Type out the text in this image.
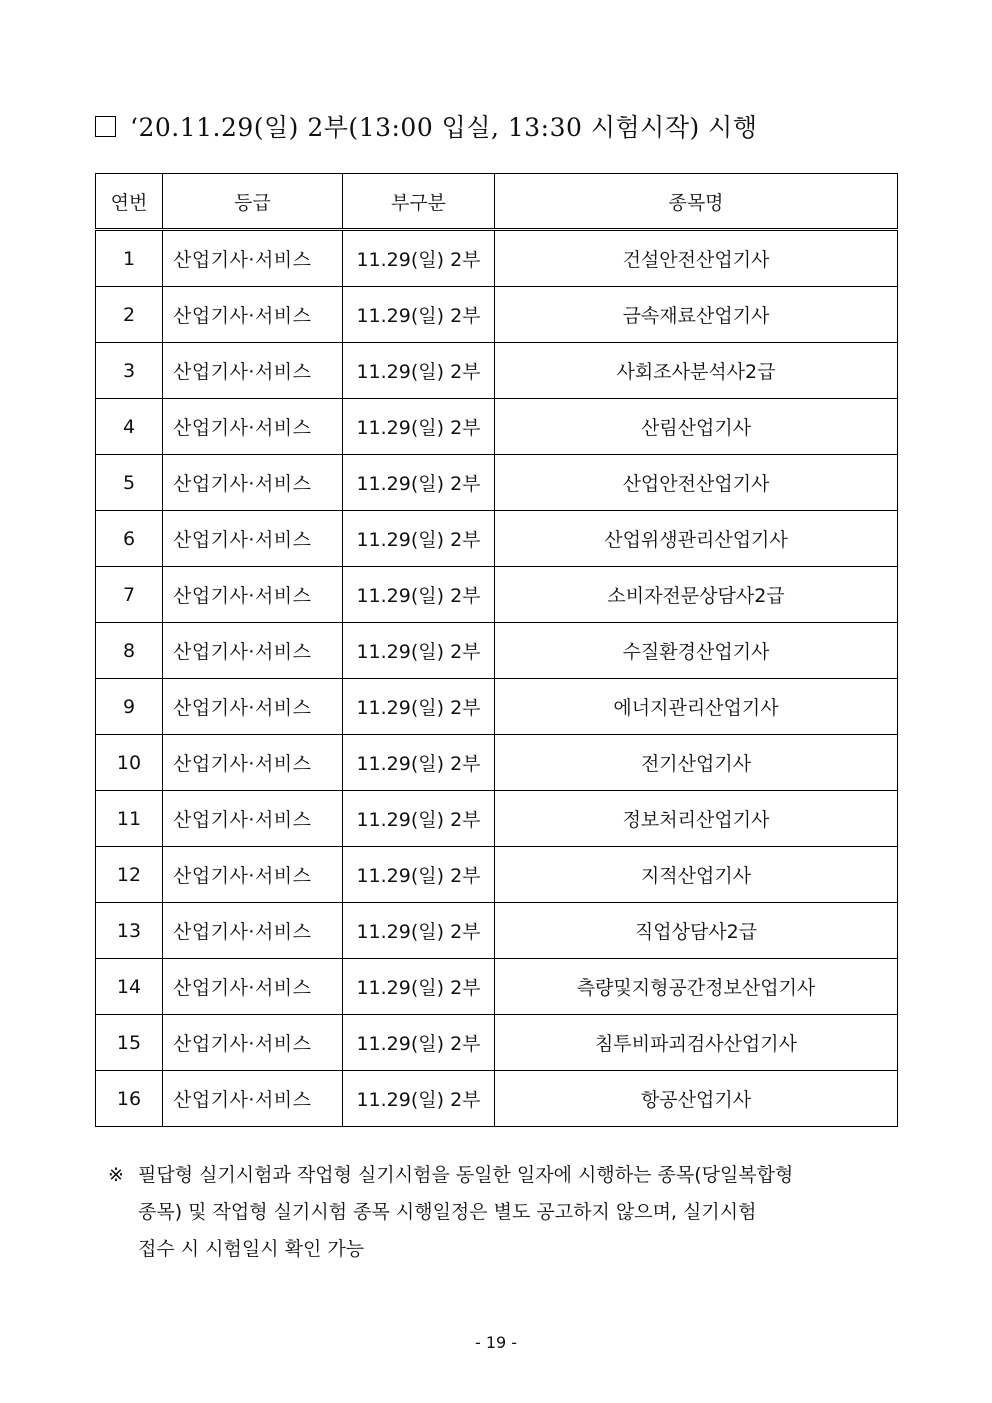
‘20.11.29(일) 2부(13:00 입실, 13:30 시험시작) 시행
연번	등급	부구분	종목명
1	산업기사·서비스	11.29(일) 2부	건설안전산업기사
2	산업기사·서비스	11.29(일) 2부	금속재료산업기사
3	산업기사·서비스	11.29(일) 2부	사회조사분석사2급
4	산업기사·서비스	11.29(일) 2부	산림산업기사
5	산업기사·서비스	11.29(일) 2부	산업안전산업기사
6	산업기사·서비스	11.29(일) 2부	산업위생관리산업기사
7	산업기사·서비스	11.29(일) 2부	소비자전문상담사2급
8	산업기사·서비스	11.29(일) 2부	수질환경산업기사
9	산업기사·서비스	11.29(일) 2부	에너지관리산업기사
10	산업기사·서비스	11.29(일) 2부	전기산업기사
11	산업기사·서비스	11.29(일) 2부	정보처리산업기사
12	산업기사·서비스	11.29(일) 2부	지적산업기사
13	산업기사·서비스	11.29(일) 2부	직업상담사2급
14	산업기사·서비스	11.29(일) 2부	측량및지형공간정보산업기사
15	산업기사·서비스	11.29(일) 2부	침투비파괴검사산업기사
16	산업기사·서비스	11.29(일) 2부	항공산업기사
※ 필답형 실기시험과 작업형 실기시험을 동일한 일자에 시행하는 종목(당일복합형
종목) 및 작업형 실기시험 종목 시행일정은 별도 공고하지 않으며, 실기시험
접수 시 시험일시 확인 가능
- 19 -
